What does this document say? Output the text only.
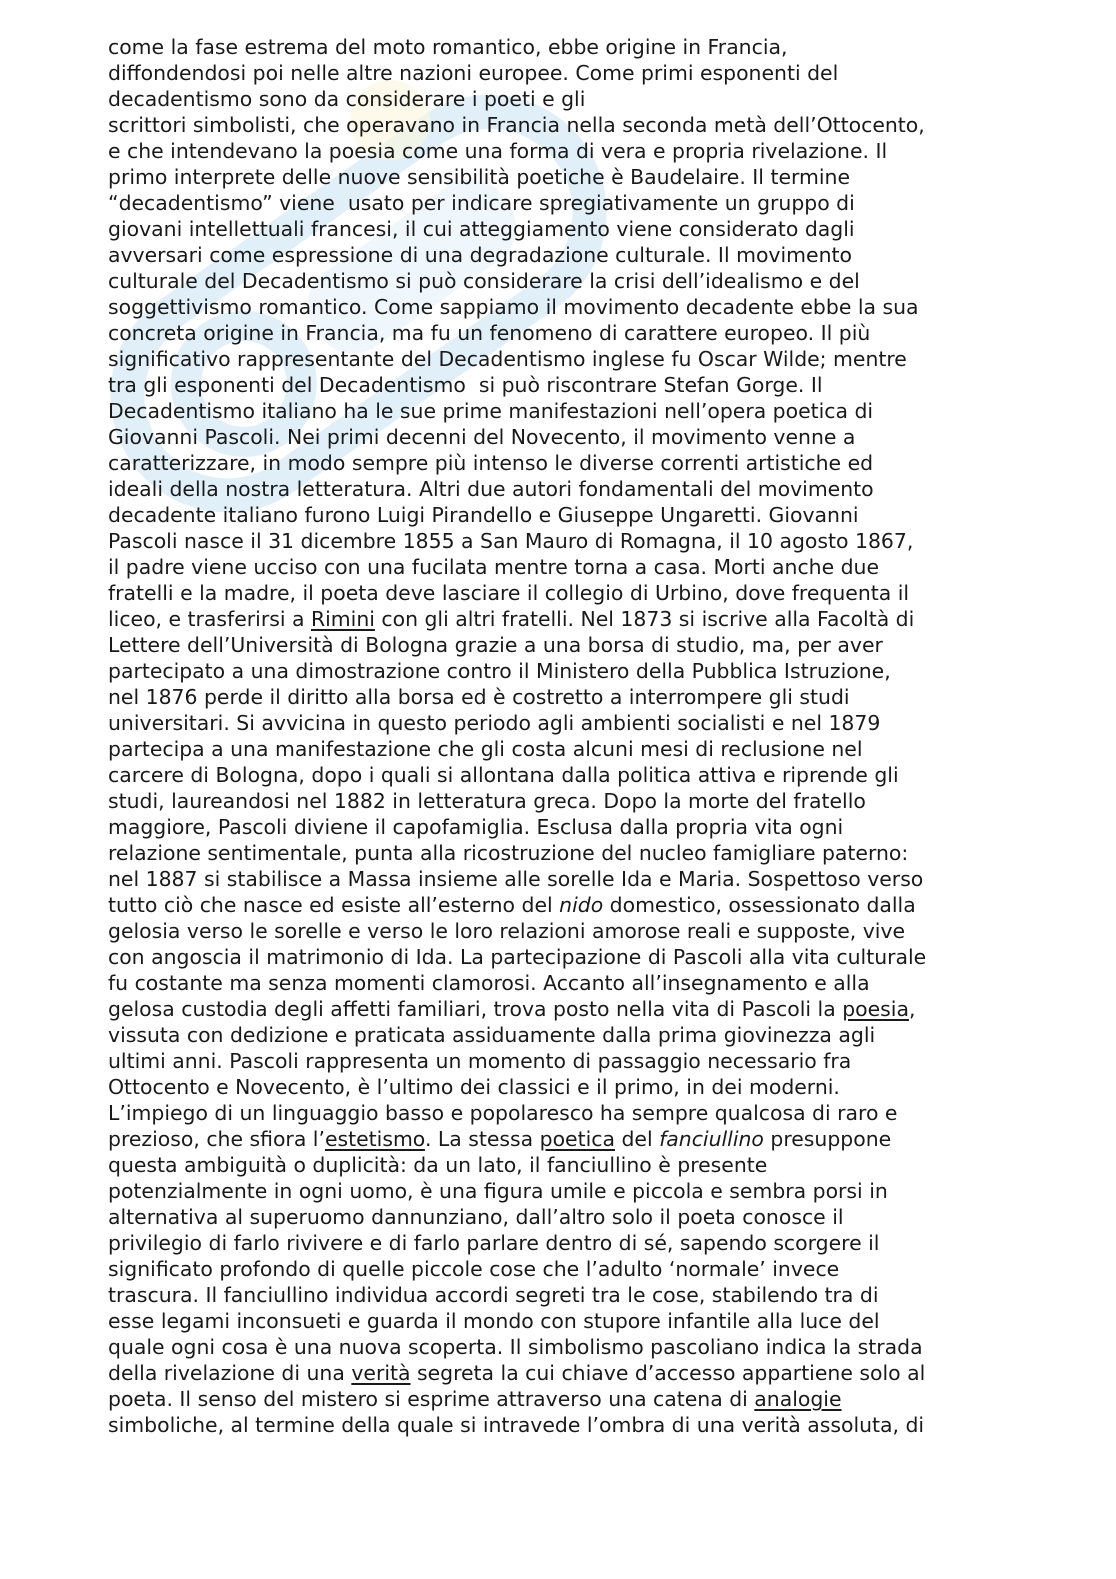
come la fase estrema del moto romantico, ebbe origine in Francia,
diffondendosi poi nelle altre nazioni europee. Come primi esponenti del
decadentismo sono da considerare i poeti e gli
scrittori simbolisti, che operavano in Francia nella seconda metà dell’Ottocento,
e che intendevano la poesia come una forma di vera e propria rivelazione. Il
primo interprete delle nuove sensibilità poetiche è Baudelaire. Il termine
“decadentismo” viene  usato per indicare spregiativamente un gruppo di
giovani intellettuali francesi, il cui atteggiamento viene considerato dagli
avversari come espressione di una degradazione culturale. Il movimento
culturale del Decadentismo si può considerare la crisi dell’idealismo e del
soggettivismo romantico. Come sappiamo il movimento decadente ebbe la sua
concreta origine in Francia, ma fu un fenomeno di carattere europeo. Il più
significativo rappresentante del Decadentismo inglese fu Oscar Wilde; mentre
tra gli esponenti del Decadentismo  si può riscontrare Stefan Gorge. Il
Decadentismo italiano ha le sue prime manifestazioni nell’opera poetica di
Giovanni Pascoli. Nei primi decenni del Novecento, il movimento venne a
caratterizzare, in modo sempre più intenso le diverse correnti artistiche ed
ideali della nostra letteratura. Altri due autori fondamentali del movimento
decadente italiano furono Luigi Pirandello e Giuseppe Ungaretti. Giovanni
Pascoli nasce il 31 dicembre 1855 a San Mauro di Romagna, il 10 agosto 1867,
il padre viene ucciso con una fucilata mentre torna a casa. Morti anche due
fratelli e la madre, il poeta deve lasciare il collegio di Urbino, dove frequenta il
liceo, e trasferirsi a Rimini con gli altri fratelli. Nel 1873 si iscrive alla Facoltà di
Lettere dell’Università di Bologna grazie a una borsa di studio, ma, per aver
partecipato a una dimostrazione contro il Ministero della Pubblica Istruzione,
nel 1876 perde il diritto alla borsa ed è costretto a interrompere gli studi
universitari. Si avvicina in questo periodo agli ambienti socialisti e nel 1879
partecipa a una manifestazione che gli costa alcuni mesi di reclusione nel
carcere di Bologna, dopo i quali si allontana dalla politica attiva e riprende gli
studi, laureandosi nel 1882 in letteratura greca. Dopo la morte del fratello
maggiore, Pascoli diviene il capofamiglia. Esclusa dalla propria vita ogni
relazione sentimentale, punta alla ricostruzione del nucleo famigliare paterno:
nel 1887 si stabilisce a Massa insieme alle sorelle Ida e Maria. Sospettoso verso
tutto ciò che nasce ed esiste all’esterno del nido domestico, ossessionato dalla
gelosia verso le sorelle e verso le loro relazioni amorose reali e supposte, vive
con angoscia il matrimonio di Ida. La partecipazione di Pascoli alla vita culturale
fu costante ma senza momenti clamorosi. Accanto all’insegnamento e alla
gelosa custodia degli affetti familiari, trova posto nella vita di Pascoli la poesia,
vissuta con dedizione e praticata assiduamente dalla prima giovinezza agli
ultimi anni. Pascoli rappresenta un momento di passaggio necessario fra
Ottocento e Novecento, è l’ultimo dei classici e il primo, in dei moderni.
L’impiego di un linguaggio basso e popolaresco ha sempre qualcosa di raro e
prezioso, che sfiora l’estetismo. La stessa poetica del fanciullino presuppone
questa ambiguità o duplicità: da un lato, il fanciullino è presente
potenzialmente in ogni uomo, è una figura umile e piccola e sembra porsi in
alternativa al superuomo dannunziano, dall’altro solo il poeta conosce il
privilegio di farlo rivivere e di farlo parlare dentro di sé, sapendo scorgere il
significato profondo di quelle piccole cose che l’adulto ‘normale’ invece
trascura. Il fanciullino individua accordi segreti tra le cose, stabilendo tra di
esse legami inconsueti e guarda il mondo con stupore infantile alla luce del
quale ogni cosa è una nuova scoperta. Il simbolismo pascoliano indica la strada
della rivelazione di una verità segreta la cui chiave d’accesso appartiene solo al
poeta. Il senso del mistero si esprime attraverso una catena di analogie
simboliche, al termine della quale si intravede l’ombra di una verità assoluta, di
